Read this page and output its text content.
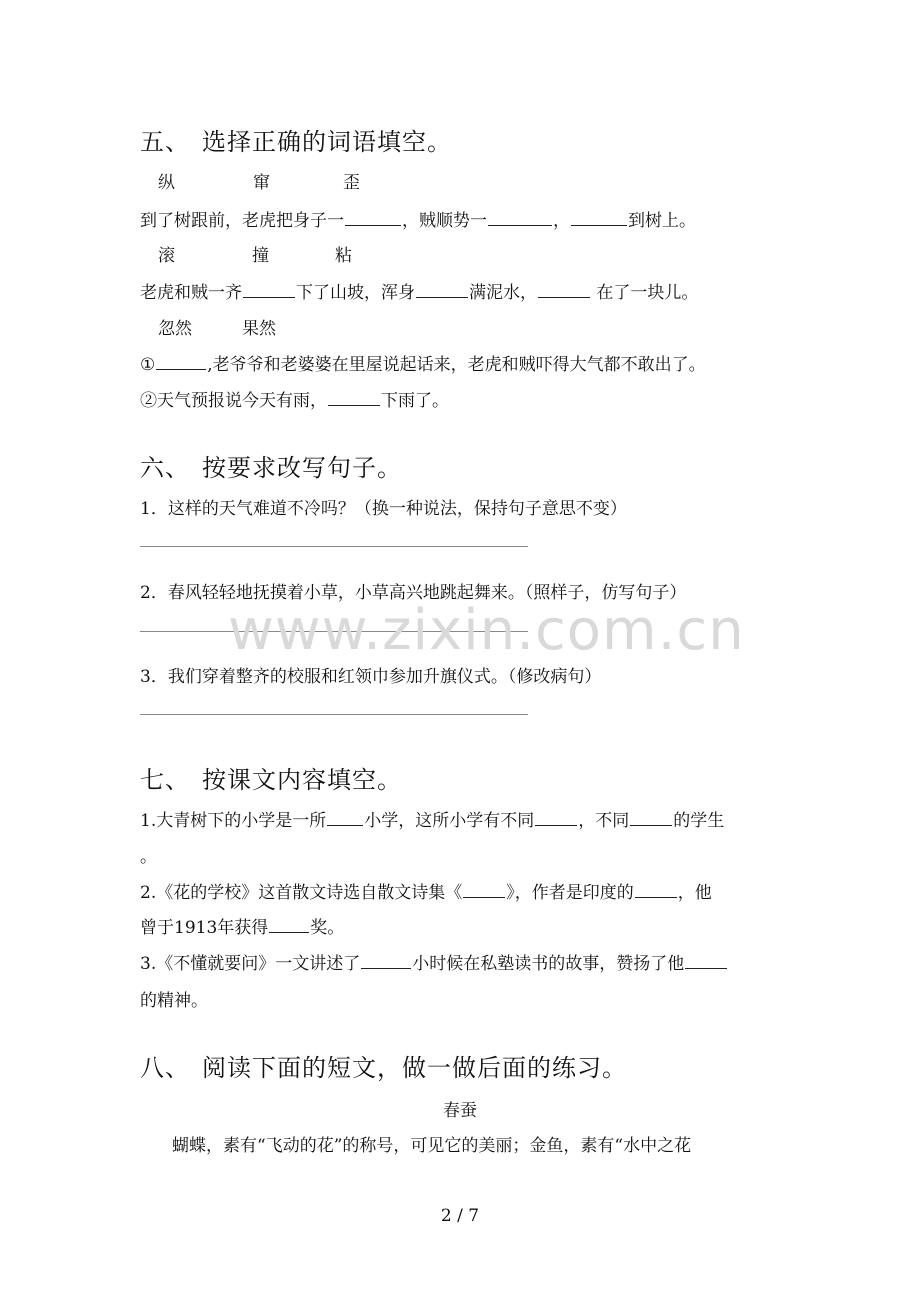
五、 选择正确的词语填空。
纵	窜	歪
到了树跟前，老虎把身子一	，贼顺势一	，	到树上。
滚	撞	粘
老虎和贼一齐	下了山坡，浑身	满泥水，	在了一块儿。
忽然	果然
①	,老爷爷和老婆婆在里屋说起话来，老虎和贼吓得大气都不敢出了。
②天气预报说今天有雨，	下雨了。
六、 按要求改写句子。
1．这样的天气难道不冷吗？（换一种说法，保持句子意思不变）
2．春风轻轻地抚摸着小草，小草高兴地跳起舞来。（照样子，仿写句子）
3．我们穿着整齐的校服和红领巾参加升旗仪式。（修改病句）
七、 按课文内容填空。
1.大青树下的小学是一所 小学，这所小学有不同	，不同	的学生
。
2.《花的学校》这首散文诗选自散文诗集《	》，作者是印度的	，他
曾于1913年获得 奖。
3.《不懂就要问》一文讲述了	小时候在私塾读书的故事，赞扬了他
的精神。
八、 阅读下面的短文，做一做后面的练习。
春蚕
蝴蝶，素有“飞动的花”的称号，可见它的美丽；金鱼，素有“水中之花
www.zixin.com.cn
2 / 7
